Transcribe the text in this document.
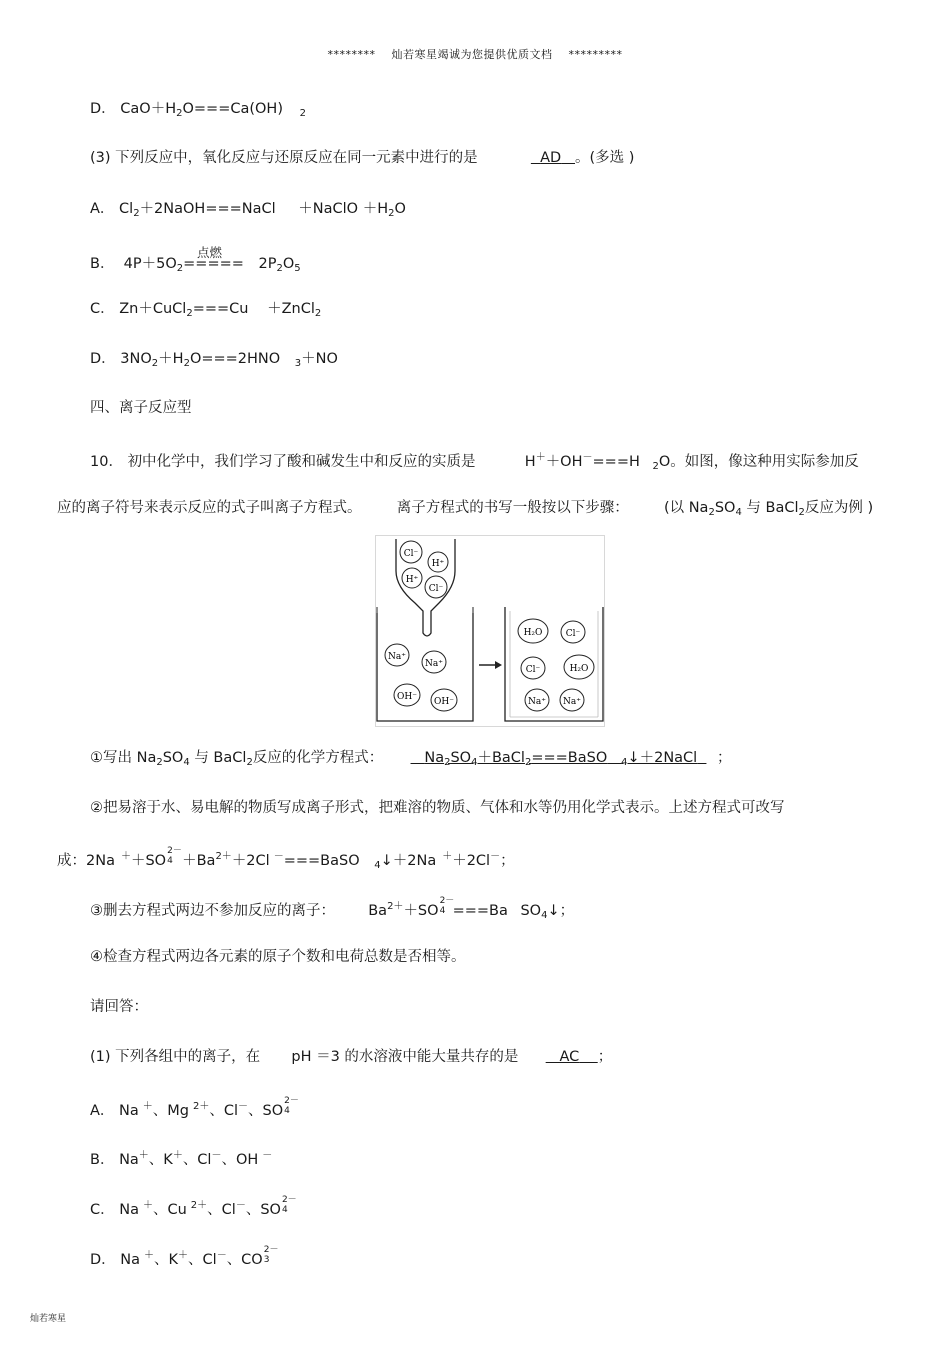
******** 灿若寒星竭诚为您提供优质文档 *********
D． $CaO+H_2O===Ca(OH)$ $_2$
(3) 下列反应中，氧化反应与还原反应在同一元素中进行的是	AD 。(多选 )
A． $Cl_2+2NaOH===NaCl$ ＋NaClO $+H_2O$
点燃
B． $4P+5O_2===== 2P_2O_5$
C． Zn＋CuCl$_2$===Cu ＋ZnCl$_2$
D． $3NO_2+H_2O===2HNO$ $_3$＋NO
四、离子反应型
10． 初中化学中，我们学习了酸和碱发生中和反应的实质是	H＋＋OH－===H $_2$O。如图，像这种用实际参加反
应的离子符号来表示反应的式子叫离子方程式。 离子方程式的书写一般按以下步骤： (以 $Na_2SO_4$ 与 BaCl$_2$反应为例 )
Cl⁻
H⁺
H⁺
Cl⁻
Na⁺
Na⁺
OH⁻ OH⁻
H₂O	Cl⁻
Cl⁻	H₂O
Na⁺ Na⁺
①写出 $Na_2SO_4$ 与 BaCl$_2$反应的化学方程式：	$Na_2SO_4+BaCl_2===BaSO$ $_4$↓＋2NaCl ；
②把易溶于水、易电解的物质写成离子形式，把难溶的物质、气体和水等仍用化学式表示。上述方程式可改写
成：2Na ＋＋SO
2－
$4 +Ba^{2+}+2Cl$ －===BaSO $_4$↓＋2Na ＋＋2Cl－；
③删去方程式两边不参加反应的离子： $Ba^{2+}+SO$
2－
4 ===Ba $SO_4↓$；
④检查方程式两边各元素的原子个数和电荷总数是否相等。
请回答：
(1) 下列各组中的离子，在 pH ＝3 的水溶液中能大量共存的是	AC ；
A． Na ＋、Mg $^{2+}$、Cl－、SO
2－
4
B． Na＋、K＋、Cl－、OH －
C． Na ＋、Cu $^{2+}$、Cl－、SO
2－
4
D． Na ＋、K＋、Cl－、CO
2－
3
灿若寒星
